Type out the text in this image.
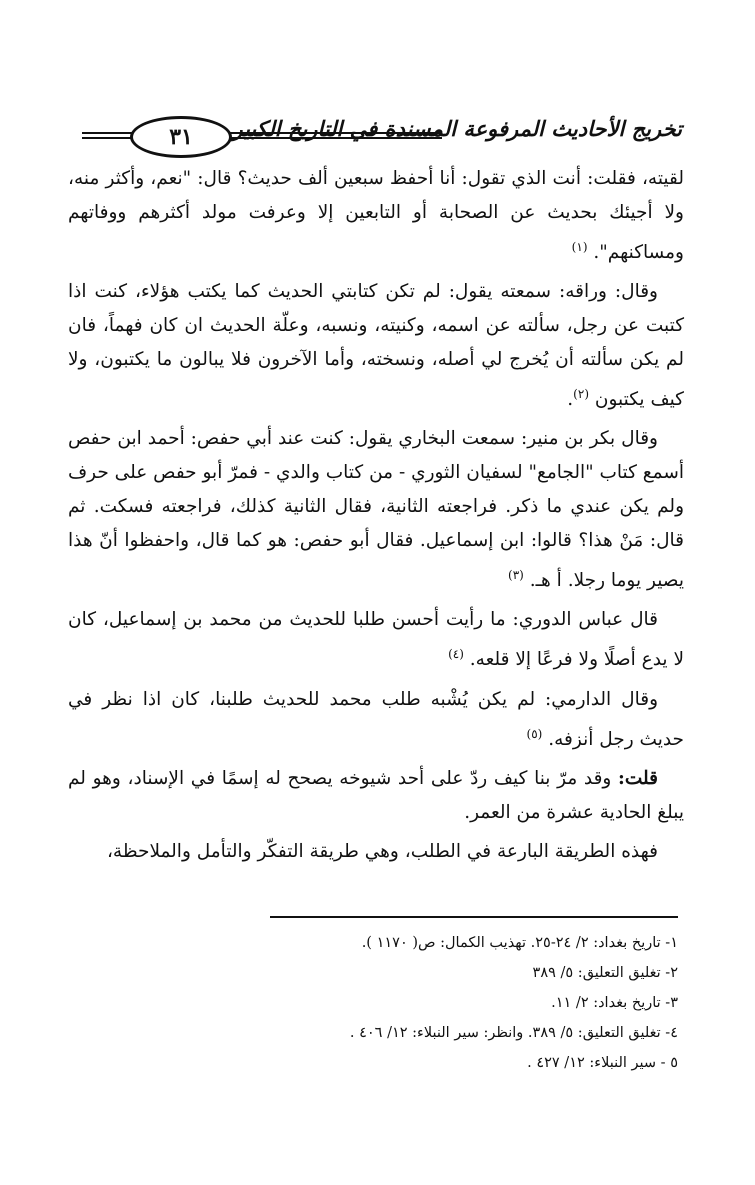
تخريج الأحاديث المرفوعة المسندة في التاريخ الكبير
٣١

لقيته، فقلت: أنت الذي تقول: أنا أحفظ سبعين ألف حديث؟ قال: "نعم، وأكثر منه، ولا أجيئك بحديث عن الصحابة أو التابعين إلا وعرفت مولد أكثرهم ووفاتهم ومساكنهم". $^{(١)}$

وقال: وراقه: سمعته يقول: لم تكن كتابتي الحديث كما يكتب هؤلاء، كنت اذا كتبت عن رجل، سألته عن اسمه، وكنيته، ونسبه، وعلّة الحديث ان كان فهماً، فان لم يكن سألته أن يُخرج لي أصله، ونسخته، وأما الآخرون فلا يبالون ما يكتبون، ولا كيف يكتبون $^{(٢)}$.

وقال بكر بن منير: سمعت البخاري يقول: كنت عند أبي حفص: أحمد ابن حفص أسمع كتاب "الجامع" لسفيان الثوري - من كتاب والدي - فمرّ أبو حفص على حرف ولم يكن عندي ما ذكر. فراجعته الثانية، فقال الثانية كذلك، فراجعته فسكت. ثم قال: مَنْ هذا؟ قالوا: ابن إسماعيل. فقال أبو حفص: هو كما قال، واحفظوا أنّ هذا يصير يوما رجلا. أ هـ. $^{(٣)}$

قال عباس الدوري: ما رأيت أحسن طلبا للحديث من محمد بن إسماعيل، كان لا يدع أصلًا ولا فرعًا إلا قلعه. $^{(٤)}$

وقال الدارمي: لم يكن يُشْبه طلب محمد للحديث طلبنا، كان اذا نظر في حديث رجل أنزفه. $^{(٥)}$

قلت: وقد مرّ بنا كيف ردّ على أحد شيوخه يصحح له إسمًا في الإسناد، وهو لم يبلغ الحادية عشرة من العمر.

فهذه الطريقة البارعة في الطلب، وهي طريقة التفكّر والتأمل والملاحظة،

١- تاريخ بغداد: ٢/ ٢٤-٢٥. تهذيب الكمال: ص( ١١٧٠ ).
٢- تغليق التعليق: ٥/ ٣٨٩
٣- تاريخ بغداد: ٢/ ١١.
٤- تغليق التعليق: ٥/ ٣٨٩. وانظر: سير النبلاء: ١٢/ ٤٠٦ .
٥ - سير النبلاء: ١٢/ ٤٢٧ .
